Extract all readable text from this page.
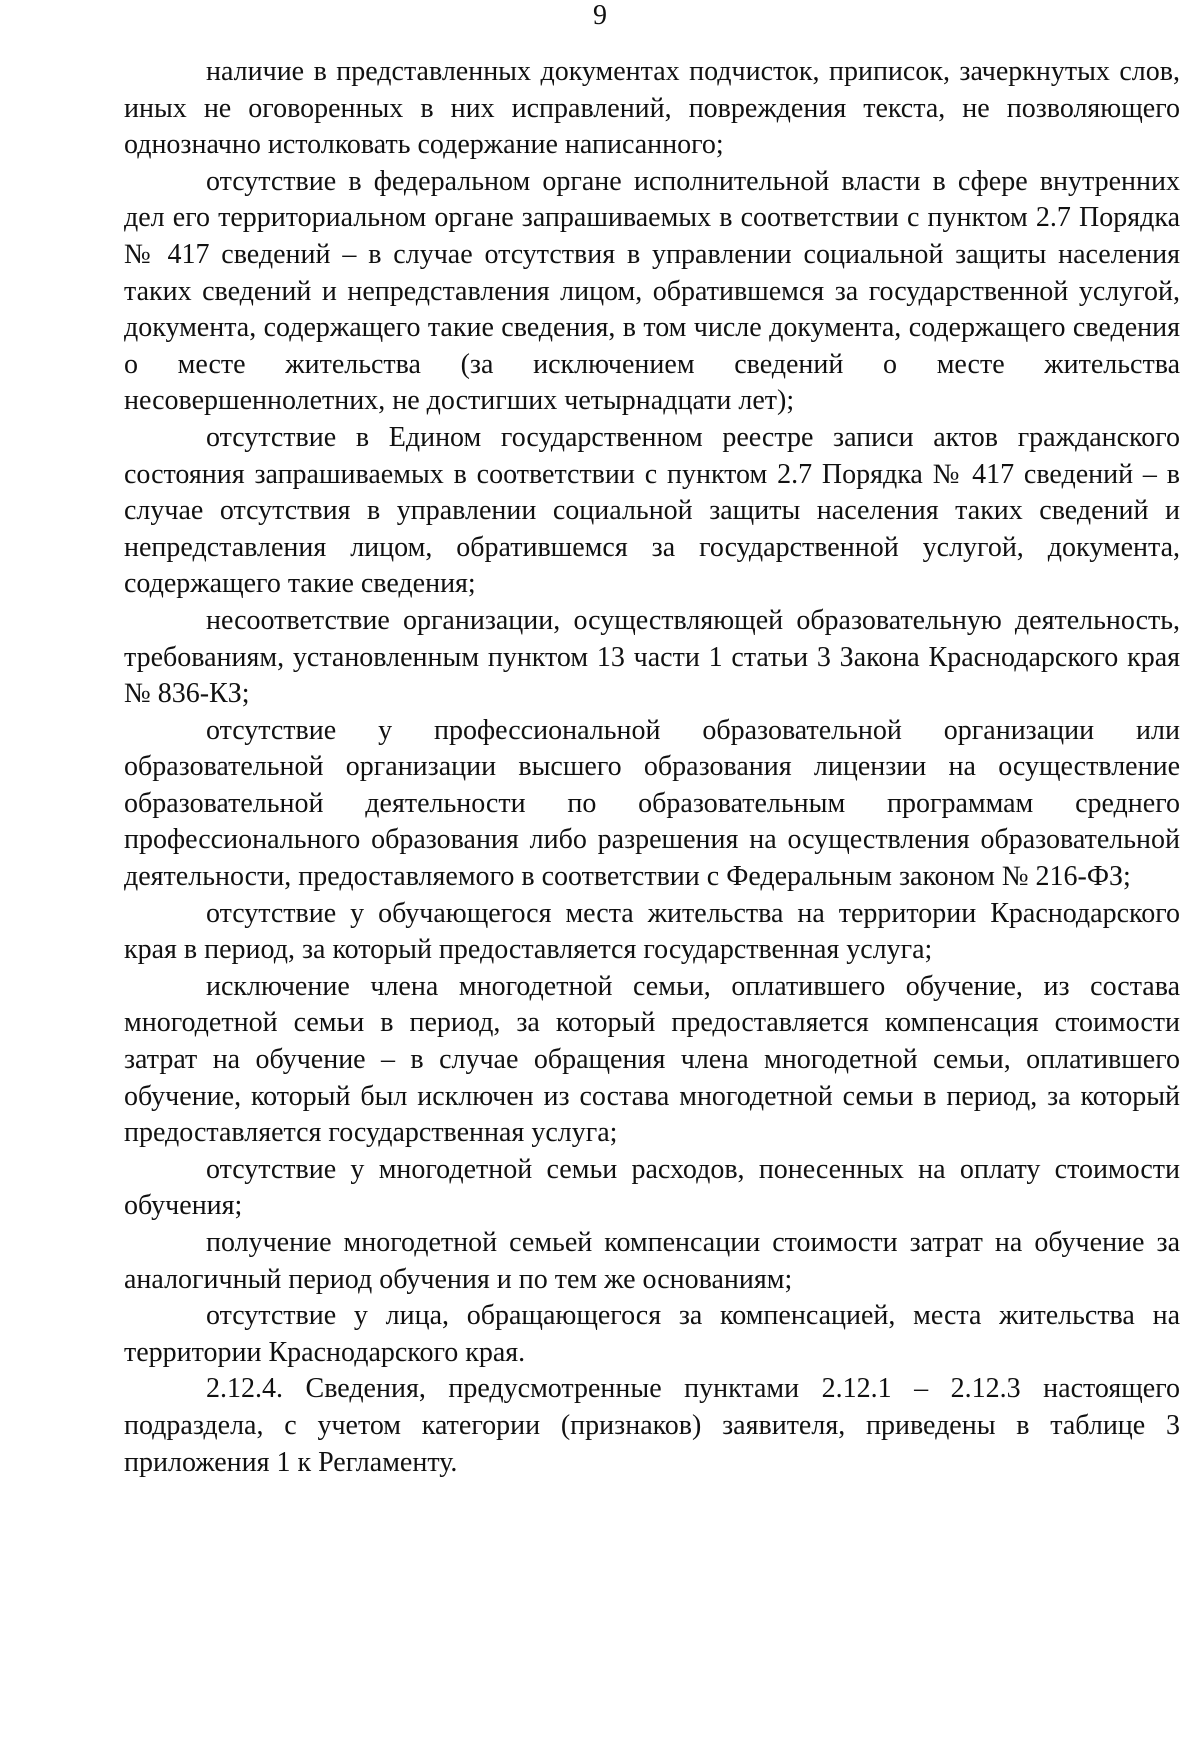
9

наличие в представленных документах подчисток, приписок, зачеркнутых слов, иных не оговоренных в них исправлений, повреждения текста, не позволяющего однозначно истолковать содержание написанного;

отсутствие в федеральном органе исполнительной власти в сфере внутренних дел его территориальном органе запрашиваемых в соответствии с пунктом 2.7 Порядка № 417 сведений – в случае отсутствия в управлении социальной защиты населения таких сведений и непредставления лицом, обратившемся за государственной услугой, документа, содержащего такие сведения, в том числе документа, содержащего сведения о месте жительства (за исключением сведений о месте жительства несовершеннолетних, не достигших четырнадцати лет);

отсутствие в Едином государственном реестре записи актов гражданского состояния запрашиваемых в соответствии с пунктом 2.7 Порядка № 417 сведений – в случае отсутствия в управлении социальной защиты населения таких сведений и непредставления лицом, обратившемся за государственной услугой, документа, содержащего такие сведения;

несоответствие организации, осуществляющей образовательную деятельность, требованиям, установленным пунктом 13 части 1 статьи 3 Закона Краснодарского края № 836-КЗ;

отсутствие у профессиональной образовательной организации или образовательной организации высшего образования лицензии на осуществление образовательной деятельности по образовательным программам среднего профессионального образования либо разрешения на осуществления образовательной деятельности, предоставляемого в соответствии с Федеральным законом № 216-ФЗ;

отсутствие у обучающегося места жительства на территории Краснодарского края в период, за который предоставляется государственная услуга;

исключение члена многодетной семьи, оплатившего обучение, из состава многодетной семьи в период, за который предоставляется компенсация стоимости затрат на обучение – в случае обращения члена многодетной семьи, оплатившего обучение, который был исключен из состава многодетной семьи в период, за который предоставляется государственная услуга;

отсутствие у многодетной семьи расходов, понесенных на оплату стоимости обучения;

получение многодетной семьей компенсации стоимости затрат на обучение за аналогичный период обучения и по тем же основаниям;

отсутствие у лица, обращающегося за компенсацией, места жительства на территории Краснодарского края.

2.12.4. Сведения, предусмотренные пунктами 2.12.1 – 2.12.3 настоящего подраздела, с учетом категории (признаков) заявителя, приведены в таблице 3 приложения 1 к Регламенту.
